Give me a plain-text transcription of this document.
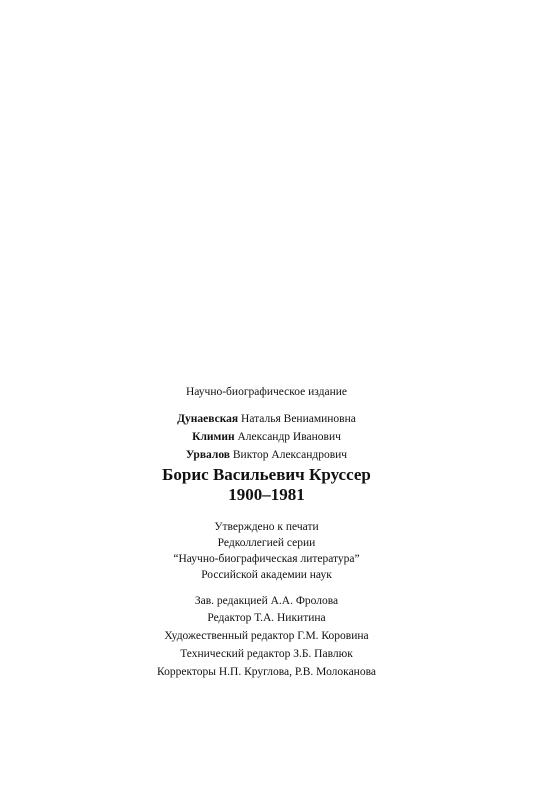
Научно-биографическое издание
Дунаевская Наталья Вениаминовна
Климин Александр Иванович
Урвалов Виктор Александрович
Борис Васильевич Круссер
1900–1981
Утверждено к печати
Редколлегией серии
“Научно-биографическая литература”
Российской академии наук
Зав. редакцией А.А. Фролова
Редактор Т.А. Никитина
Художественный редактор Г.М. Коровина
Технический редактор З.Б. Павлюк
Корректоры Н.П. Круглова, Р.В. Молоканова
